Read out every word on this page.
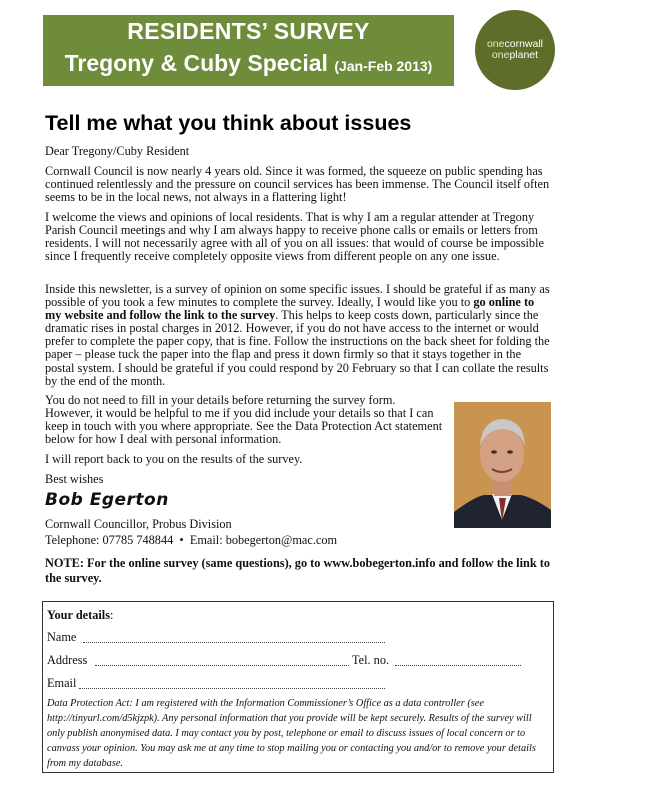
RESIDENTS’ SURVEY
Tregony & Cuby Special (Jan-Feb 2013)
onecornwall
oneplanet
Tell me what you think about issues

Dear Tregony/Cuby Resident

Cornwall Council is now nearly 4 years old. Since it was formed, the squeeze on public spending has continued relentlessly and the pressure on council services has been immense. The Council itself often seems to be in the local news, not always in a flattering light!

I welcome the views and opinions of local residents. That is why I am a regular attender at Tregony Parish Council meetings and why I am always happy to receive phone calls or emails or letters from residents. I will not necessarily agree with all of you on all issues: that would of course be impossible since I frequently receive completely opposite views from different people on any one issue.

Inside this newsletter, is a survey of opinion on some specific issues. I should be grateful if as many as possible of you took a few minutes to complete the survey. Ideally, I would like you to go online to my website and follow the link to the survey. This helps to keep costs down, particularly since the dramatic rises in postal charges in 2012. However, if you do not have access to the internet or would prefer to complete the paper copy, that is fine. Follow the instructions on the back sheet for folding the paper – please tuck the paper into the flap and press it down firmly so that it stays together in the postal system. I should be grateful if you could respond by 20 February so that I can collate the results by the end of the month.

You do not need to fill in your details before returning the survey form. However, it would be helpful to me if you did include your details so that I can keep in touch with you where appropriate. See the Data Protection Act statement below for how I deal with personal information.

I will report back to you on the results of the survey.

Best wishes

Bob Egerton

Cornwall Councillor, Probus Division

Telephone: 07785 748844  •  Email: bobegerton@mac.com

NOTE: For the online survey (same questions), go to www.bobegerton.info and follow the link to the survey.

Your details:
Name
Address	Tel. no.
Email

Data Protection Act: I am registered with the Information Commissioner’s Office as a data controller (see http://tinyurl.com/d5kjzpk). Any personal information that you provide will be kept securely. Results of the survey will only publish anonymised data. I may contact you by post, telephone or email to discuss issues of local concern or to canvass your opinion. You may ask me at any time to stop mailing you or contacting you and/or to remove your details from my database.
